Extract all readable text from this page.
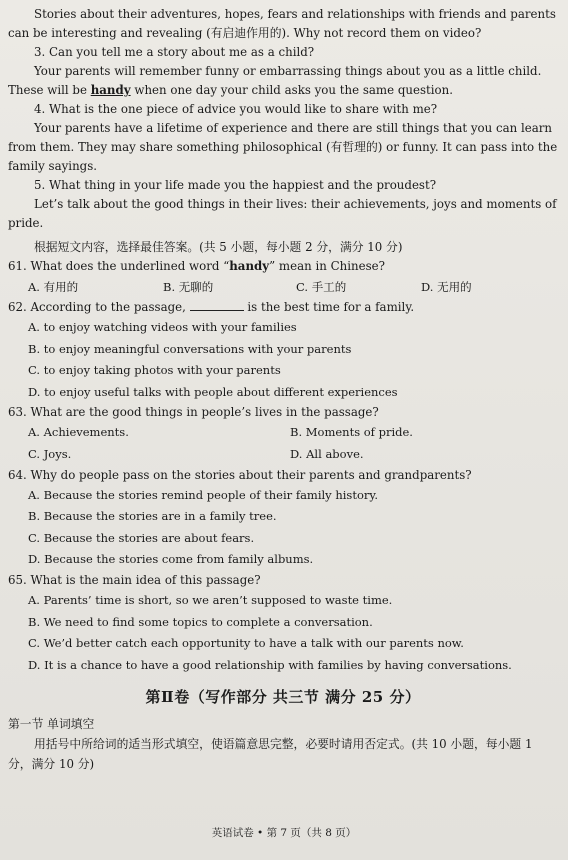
Stories about their adventures, hopes, fears and relationships with friends and parents can be interesting and revealing (有启迪作用的). Why not record them on video?

3. Can you tell me a story about me as a child?

Your parents will remember funny or embarrassing things about you as a little child. These will be handy when one day your child asks you the same question.

4. What is the one piece of advice you would like to share with me?

Your parents have a lifetime of experience and there are still things that you can learn from them. They may share something philosophical (有哲理的) or funny. It can pass into the family sayings.

5. What thing in your life made you the happiest and the proudest?

Let’s talk about the good things in their lives: their achievements, joys and moments of pride.

根据短文内容，选择最佳答案。(共 5 小题，每小题 2 分，满分 10 分)

61. What does the underlined word “handy” mean in Chinese?

A. 有用的	B. 无聊的	C. 手工的	D. 无用的

62. According to the passage,	is the best time for a family.

A. to enjoy watching videos with your families

B. to enjoy meaningful conversations with your parents

C. to enjoy taking photos with your parents

D. to enjoy useful talks with people about different experiences

63. What are the good things in people’s lives in the passage?

A. Achievements.	B. Moments of pride.
C. Joys.	D. All above.

64. Why do people pass on the stories about their parents and grandparents?

A. Because the stories remind people of their family history.

B. Because the stories are in a family tree.

C. Because the stories are about fears.

D. Because the stories come from family albums.

65. What is the main idea of this passage?

A. Parents’ time is short, so we aren’t supposed to waste time.

B. We need to find some topics to complete a conversation.

C. We’d better catch each opportunity to have a talk with our parents now.

D. It is a chance to have a good relationship with families by having conversations.

第Ⅱ卷（写作部分 共三节 满分 25 分）

第一节 单词填空

用括号中所给词的适当形式填空，使语篇意思完整，必要时请用否定式。(共 10 小题，每小题 1 分，满分 10 分)

英语试卷 • 第 7 页（共 8 页）
